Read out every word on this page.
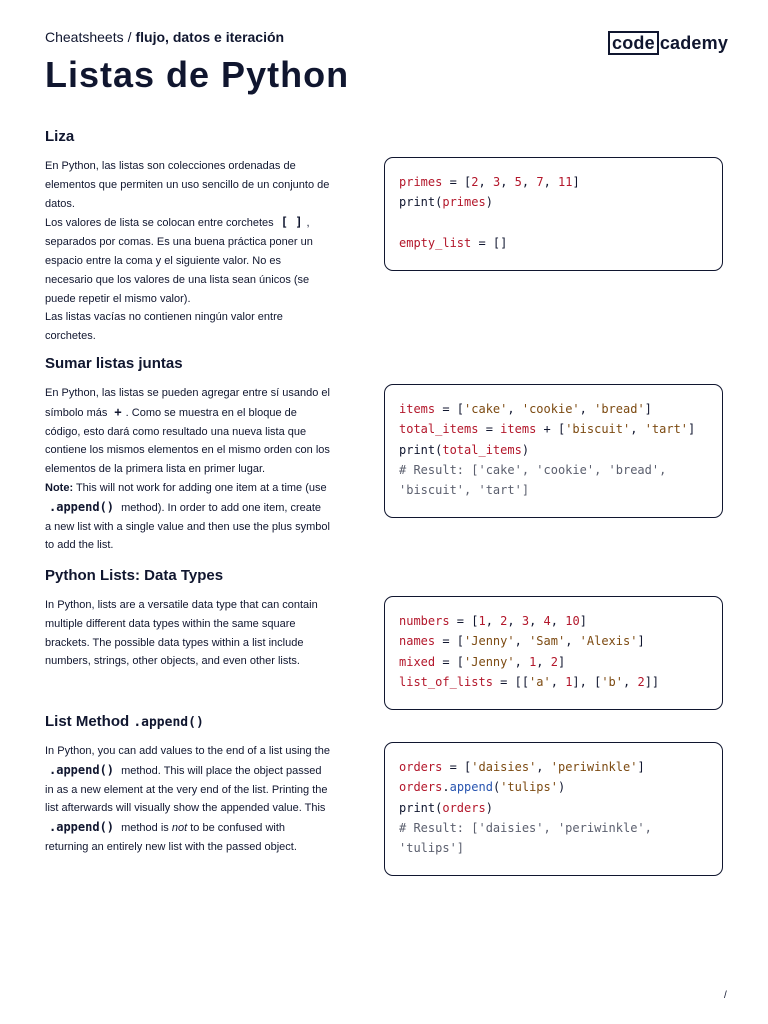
Cheatsheets / flujo, datos e iteración	code cademy
Listas de Python
Liza

En Python, las listas son colecciones ordenadas de elementos que permiten un uso sencillo de un conjunto de datos.

Los valores de lista se colocan entre corchetes [ ] , separados por comas. Es una buena práctica poner un espacio entre la coma y el siguiente valor. No es necesario que los valores de una lista sean únicos (se puede repetir el mismo valor).

Las listas vacías no contienen ningún valor entre corchetes.

primes = [2, 3, 5, 7, 11]
print(primes)

empty_list = []
Sumar listas juntas

En Python, las listas se pueden agregar entre sí usando el símbolo más + . Como se muestra en el bloque de código, esto dará como resultado una nueva lista que contiene los mismos elementos en el mismo orden con los elementos de la primera lista en primer lugar.

Note: This will not work for adding one item at a time (use .append() method). In order to add one item, create a new list with a single value and then use the plus symbol to add the list.

items = ['cake', 'cookie', 'bread']
total_items = items + ['biscuit', 'tart']
print(total_items)
# Result: ['cake', 'cookie', 'bread',
'biscuit', 'tart']
Python Lists: Data Types

In Python, lists are a versatile data type that can contain multiple different data types within the same square brackets. The possible data types within a list include numbers, strings, other objects, and even other lists.

numbers = [1, 2, 3, 4, 10]
names = ['Jenny', 'Sam', 'Alexis']
mixed = ['Jenny', 1, 2]
list_of_lists = [['a', 1], ['b', 2]]
List Method .append()

In Python, you can add values to the end of a list using the .append() method. This will place the object passed in as a new element at the very end of the list. Printing the list afterwards will visually show the appended value. This .append() method is not to be confused with returning an entirely new list with the passed object.

orders = ['daisies', 'periwinkle']
orders.append('tulips')
print(orders)
# Result: ['daisies', 'periwinkle',
'tulips']
/
